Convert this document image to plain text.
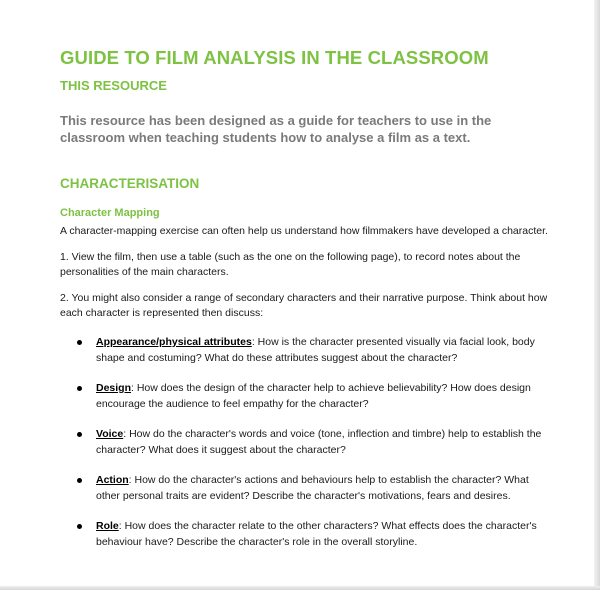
GUIDE TO FILM ANALYSIS IN THE CLASSROOM
THIS RESOURCE

This resource has been designed as a guide for teachers to use in the classroom when teaching students how to analyse a film as a text.

CHARACTERISATION
Character Mapping

A character-mapping exercise can often help us understand how filmmakers have developed a character.

1. View the film, then use a table (such as the one on the following page), to record notes about the personalities of the main characters.

2. You might also consider a range of secondary characters and their narrative purpose. Think about how each character is represented then discuss:

Appearance/physical attributes: How is the character presented visually via facial look, body shape and costuming? What do these attributes suggest about the character?
Design: How does the design of the character help to achieve believability? How does design encourage the audience to feel empathy for the character?
Voice: How do the character's words and voice (tone, inflection and timbre) help to establish the character? What does it suggest about the character?
Action: How do the character's actions and behaviours help to establish the character? What other personal traits are evident? Describe the character's motivations, fears and desires.
Role: How does the character relate to the other characters? What effects does the character's behaviour have? Describe the character's role in the overall storyline.
